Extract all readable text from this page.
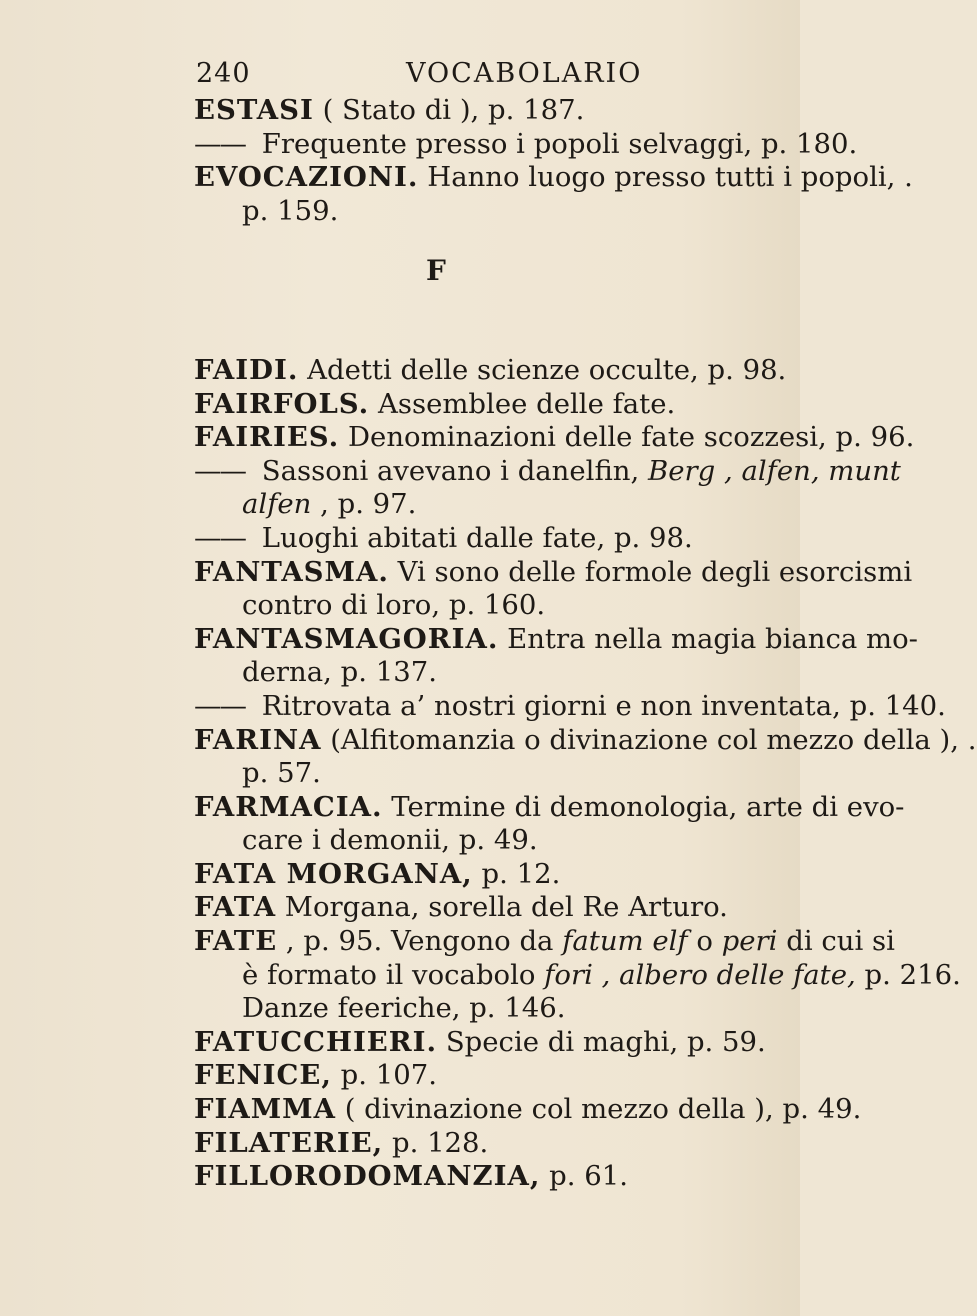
240	VOCABOLARIO

ESTASI ( Stato di ), p. 187.

—— Frequente presso i popoli selvaggi, p. 180.

EVOCAZIONI. Hanno luogo presso tutti i popoli, .

p. 159.

F

FAIDI. Adetti delle scienze occulte, p. 98.

FAIRFOLS. Assemblee delle fate.

FAIRIES. Denominazioni delle fate scozzesi, p. 96.

—— Sassoni avevano i danelfin, Berg , alfen, munt

alfen , p. 97.

—— Luoghi abitati dalle fate, p. 98.

FANTASMA. Vi sono delle formole degli esorcismi

contro di loro, p. 160.

FANTASMAGORIA. Entra nella magia bianca mo-

derna, p. 137.

—— Ritrovata a’ nostri giorni e non inventata, p. 140.

FARINA (Alfitomanzia o divinazione col mezzo della ), .

p. 57.

FARMACIA. Termine di demonologia, arte di evo-

care i demonii, p. 49.

FATA MORGANA, p. 12.

FATA Morgana, sorella del Re Arturo.

FATE , p. 95. Vengono da fatum elf o peri di cui si

è formato il vocabolo fori , albero delle fate, p. 216.

Danze feeriche, p. 146.

FATUCCHIERI. Specie di maghi, p. 59.

FENICE, p. 107.

FIAMMA ( divinazione col mezzo della ), p. 49.

FILATERIE, p. 128.

FILLORODOMANZIA, p. 61.
